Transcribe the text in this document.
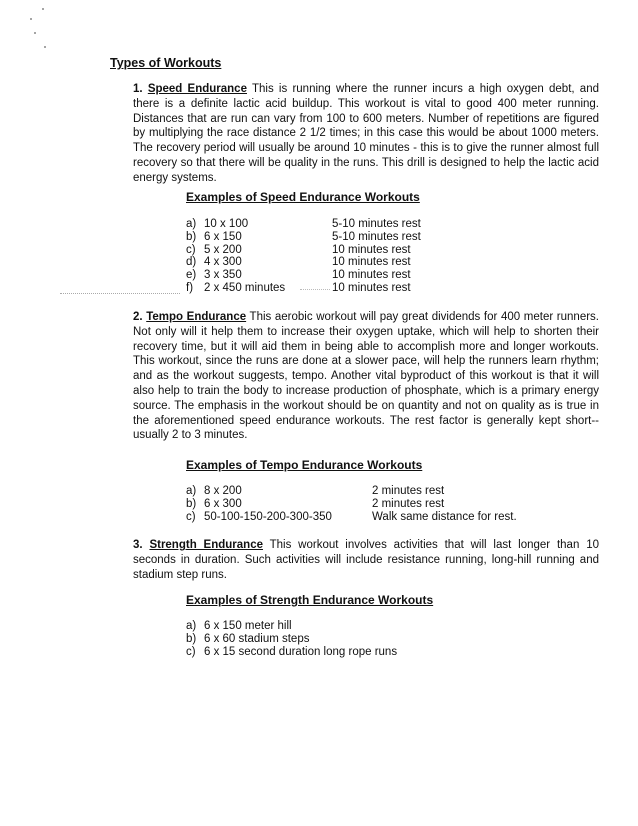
Types of Workouts

1. Speed Endurance This is running where the runner incurs a high oxygen debt, and there is a definite lactic acid buildup. This workout is vital to good 400 meter running. Distances that are run can vary from 100 to 600 meters. Number of repetitions are figured by multiplying the race distance 2 1/2 times; in this case this would be about 1000 meters. The recovery period will usually be around 10 minutes - this is to give the runner almost full recovery so that there will be quality in the runs. This drill is designed to help the lactic acid energy systems.

Examples of Speed Endurance Workouts
a) 10 x 100	5-10 minutes rest
b) 6 x 150	5-10 minutes rest
c) 5 x 200	10 minutes rest
d) 4 x 300	10 minutes rest
e) 3 x 350	10 minutes rest
f) 2 x 450 minutes	10 minutes rest

2. Tempo Endurance This aerobic workout will pay great dividends for 400 meter runners. Not only will it help them to increase their oxygen uptake, which will help to shorten their recovery time, but it will aid them in being able to accomplish more and longer workouts. This workout, since the runs are done at a slower pace, will help the runners learn rhythm; and as the workout suggests, tempo. Another vital byproduct of this workout is that it will also help to train the body to increase production of phosphate, which is a primary energy source. The emphasis in the workout should be on quantity and not on quality as is true in the aforementioned speed endurance workouts. The rest factor is generally kept short--usually 2 to 3 minutes.

Examples of Tempo Endurance Workouts
a) 8 x 200	2 minutes rest
b) 6 x 300	2 minutes rest
c) 50-100-150-200-300-350	Walk same distance for rest.

3. Strength Endurance This workout involves activities that will last longer than 10 seconds in duration. Such activities will include resistance running, long-hill running and stadium step runs.

Examples of Strength Endurance Workouts
a) 6 x 150 meter hill
b) 6 x 60 stadium steps
c) 6 x 15 second duration long rope runs
